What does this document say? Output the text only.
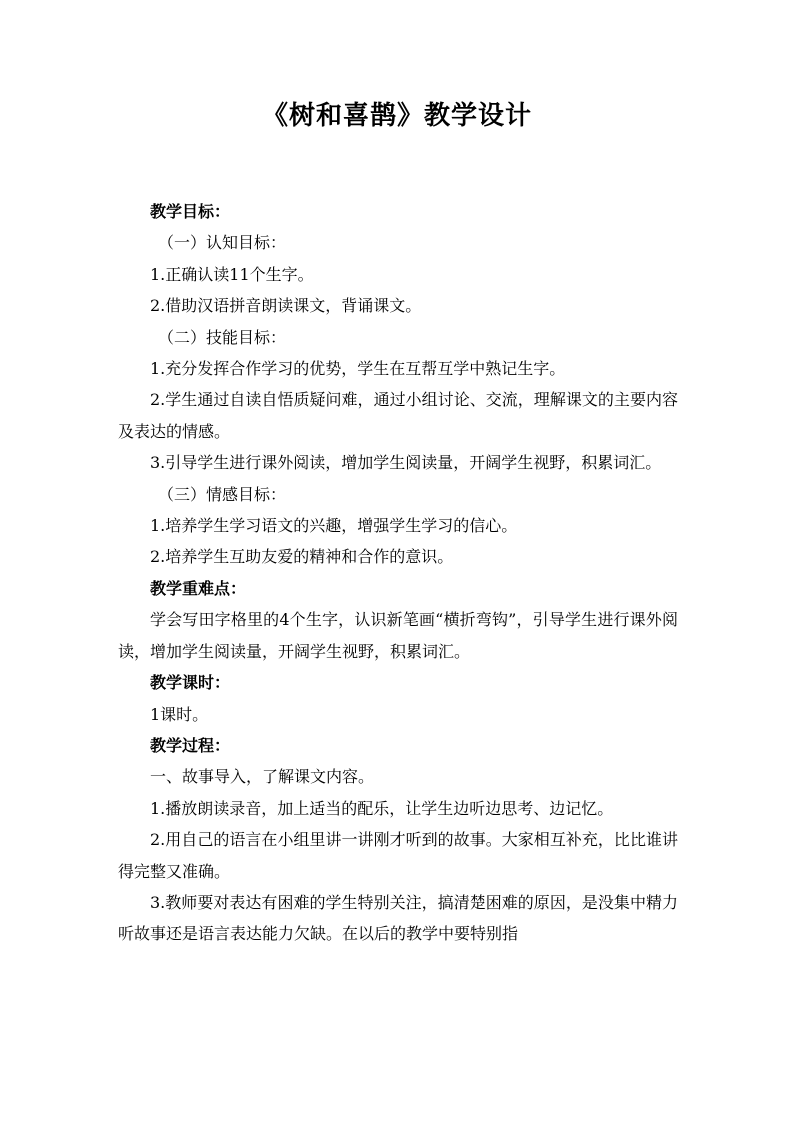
《树和喜鹊》教学设计

教学目标：

（一）认知目标：

1.正确认读11个生字。

2.借助汉语拼音朗读课文，背诵课文。

（二）技能目标：

1.充分发挥合作学习的优势，学生在互帮互学中熟记生字。

2.学生通过自读自悟质疑问难，通过小组讨论、交流，理解课文的主要内容及表达的情感。

3.引导学生进行课外阅读，增加学生阅读量，开阔学生视野，积累词汇。

（三）情感目标：

1.培养学生学习语文的兴趣，增强学生学习的信心。

2.培养学生互助友爱的精神和合作的意识。

教学重难点：

学会写田字格里的4个生字，认识新笔画“横折弯钩”，引导学生进行课外阅读，增加学生阅读量，开阔学生视野，积累词汇。

教学课时：

1课时。

教学过程：

一、故事导入，了解课文内容。

1.播放朗读录音，加上适当的配乐，让学生边听边思考、边记忆。

2.用自己的语言在小组里讲一讲刚才听到的故事。大家相互补充，比比谁讲得完整又准确。

3.教师要对表达有困难的学生特别关注，搞清楚困难的原因，是没集中精力听故事还是语言表达能力欠缺。在以后的教学中要特别指
